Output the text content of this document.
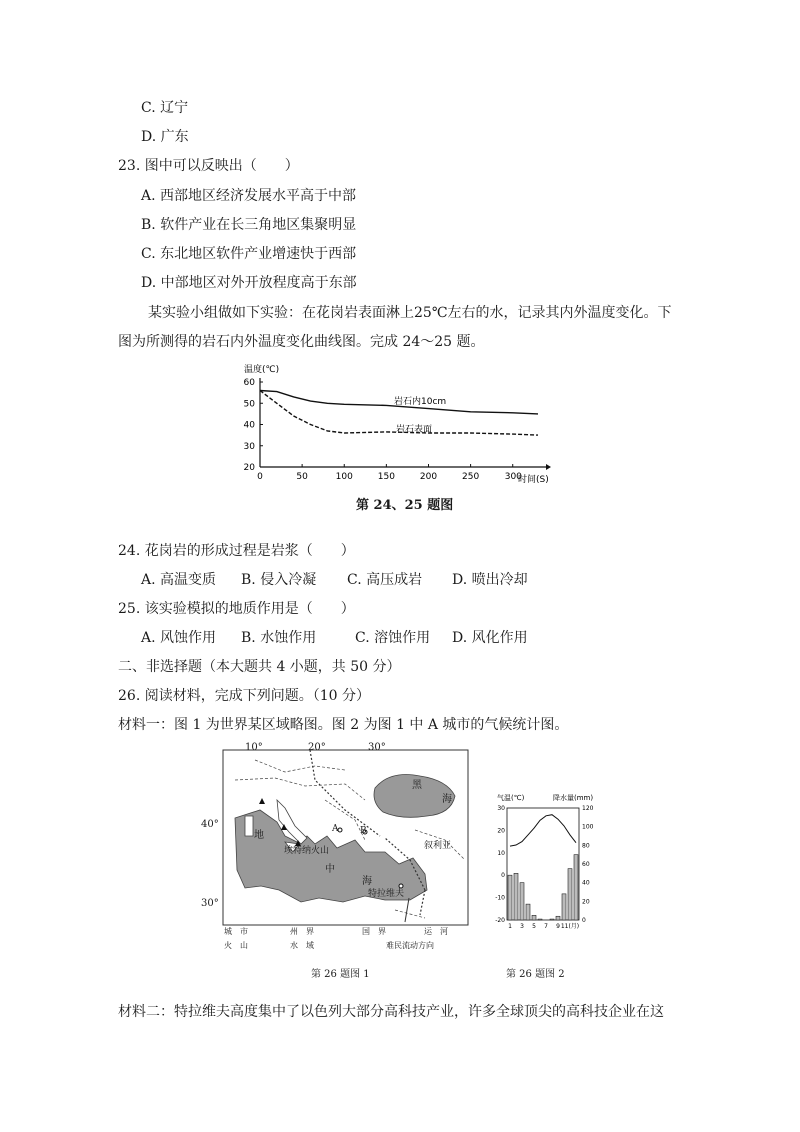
C. 辽宁
D. 广东
23. 图中可以反映出（　　）
A. 西部地区经济发展水平高于中部
B. 软件产业在长三角地区集聚明显
C. 东北地区软件产业增速快于西部
D. 中部地区对外开放程度高于东部
某实验小组做如下实验：在花岗岩表面淋上25℃左右的水，记录其内外温度变化。下
图为所测得的岩石内外温度变化曲线图。完成 24～25 题。
温度(℃)
岩石内10cm
岩石表面
时间(S)
0	50	100	150	200	250	300
20
30
40
50
60
第 24、25 题图
24. 花岗岩的形成过程是岩浆（　　）
A. 高温变质 B. 侵入冷凝 C. 高压成岩 D. 喷出冷却
25. 该实验模拟的地质作用是（　　）
A. 风蚀作用 B. 水蚀作用	C. 溶蚀作用 D. 风化作用
二、非选择题（本大题共 4 小题，共 50 分）
26. 阅读材料，完成下列问题。（10 分）
材料一：图 1 为世界某区域略图。图 2 为图 1 中 A 城市的气候统计图。
10°	20°	30°
40°
30°
黑
海
地
中
海
埃特纳火山	叙利亚
特拉维夫
A B
城　市	州　界	国　界	运　河
火　山	水　域	难民流动方向
第 26 题图 1
气温(℃)	降水量(mm)
30
20
10
0
-10
-20
120
100
80
60
40
20
0
1 3 5 7 9 11(月)
第 26 题图 2
材料二：特拉维夫高度集中了以色列大部分高科技产业，许多全球顶尖的高科技企业在这
